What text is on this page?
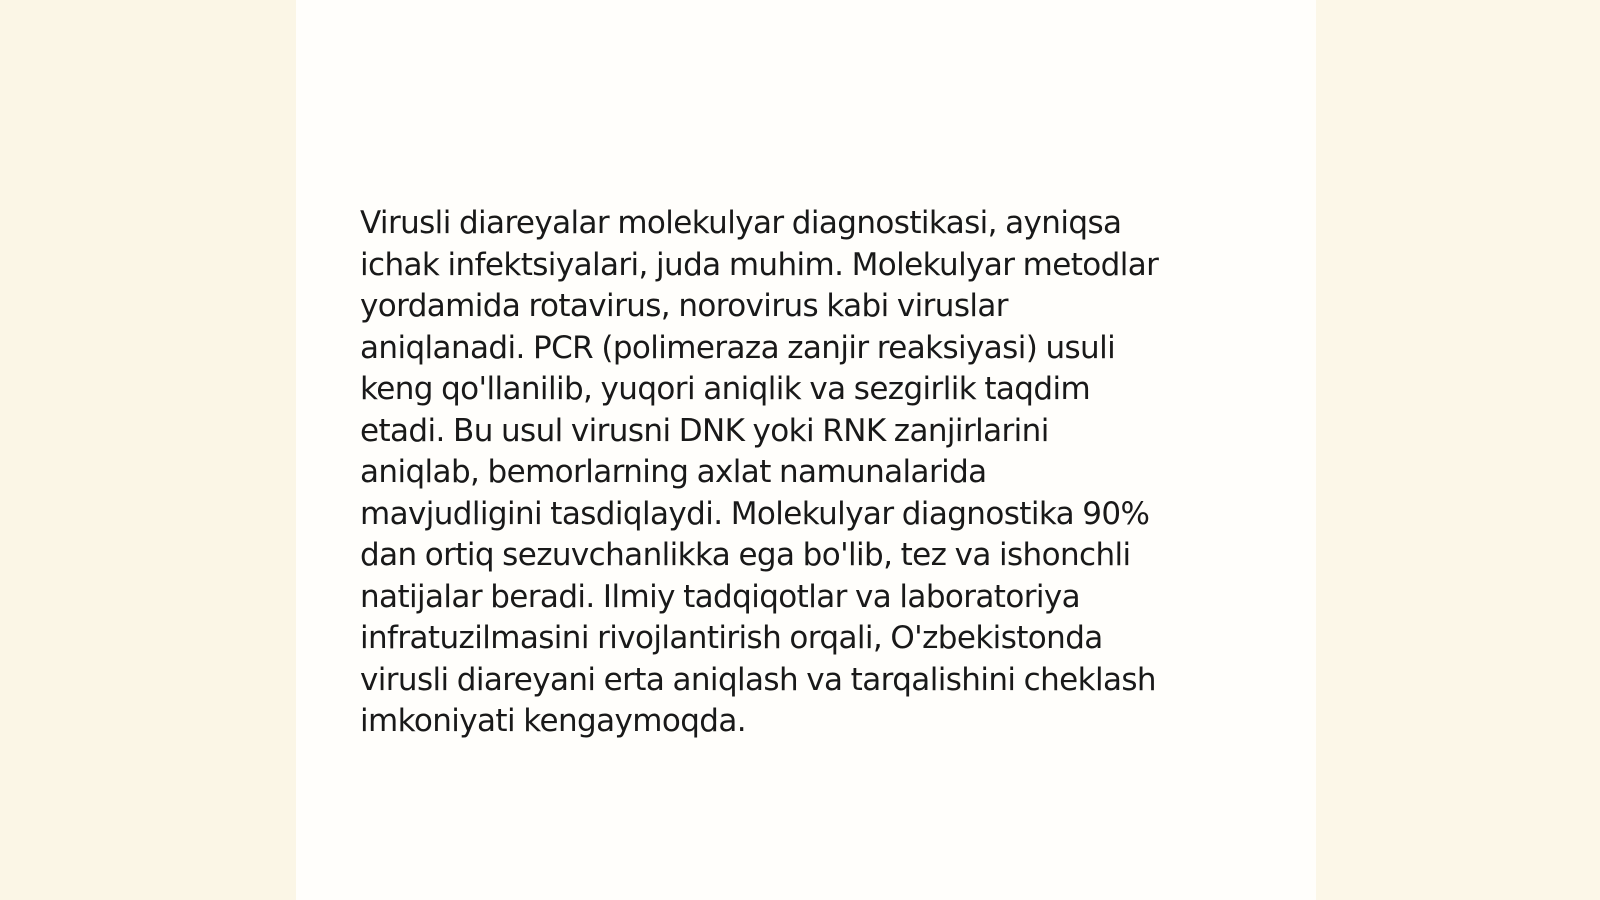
Virusli diareyalar molekulyar diagnostikasi, ayniqsa
ichak infektsiyalari, juda muhim. Molekulyar metodlar
yordamida rotavirus, norovirus kabi viruslar
aniqlanadi. PCR (polimeraza zanjir reaksiyasi) usuli
keng qo'llanilib, yuqori aniqlik va sezgirlik taqdim
etadi. Bu usul virusni DNK yoki RNK zanjirlarini
aniqlab, bemorlarning axlat namunalarida
mavjudligini tasdiqlaydi. Molekulyar diagnostika 90%
dan ortiq sezuvchanlikka ega bo'lib, tez va ishonchli
natijalar beradi. Ilmiy tadqiqotlar va laboratoriya
infratuzilmasini rivojlantirish orqali, O'zbekistonda
virusli diareyani erta aniqlash va tarqalishini cheklash
imkoniyati kengaymoqda.
